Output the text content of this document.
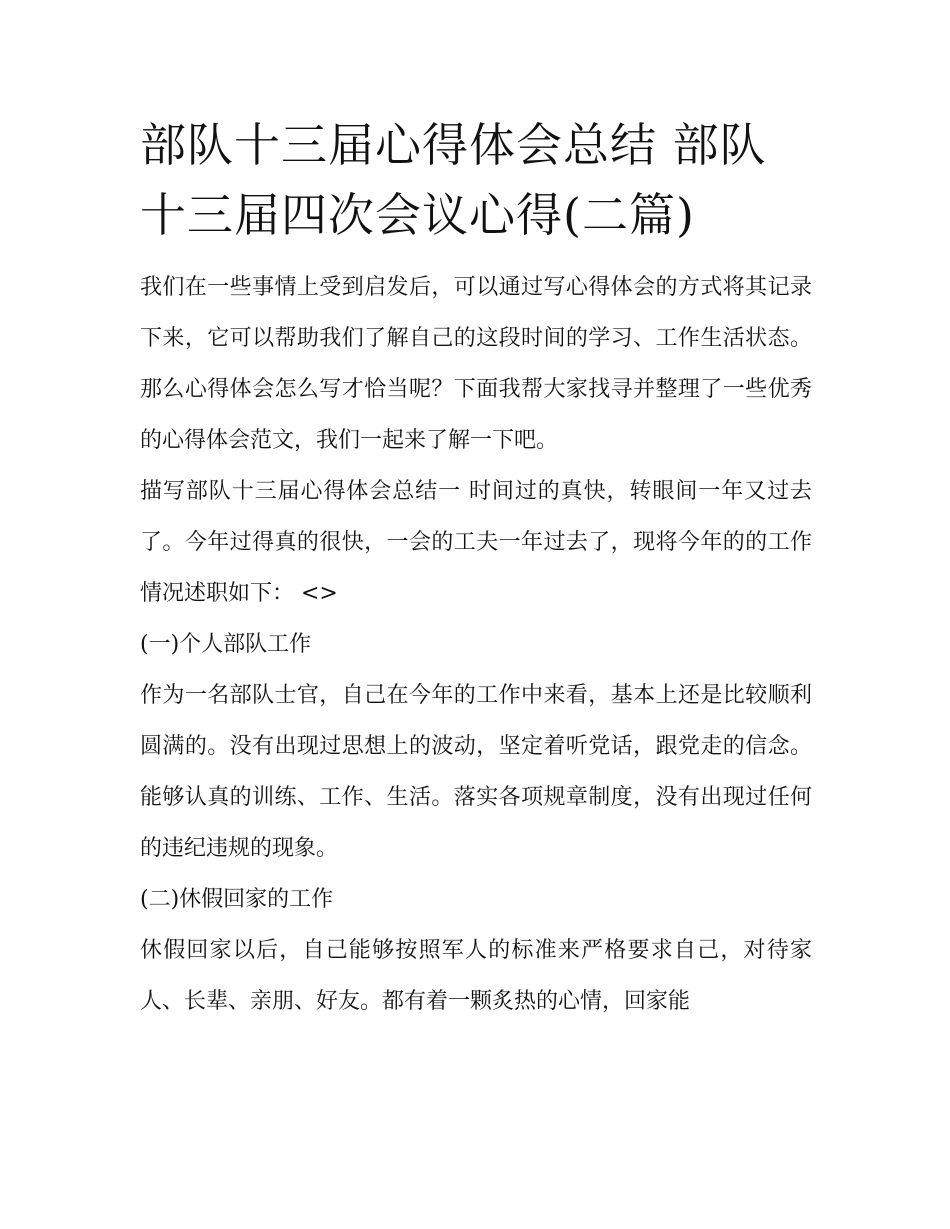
部队十三届心得体会总结 部队十三届四次会议心得(二篇)

我们在一些事情上受到启发后，可以通过写心得体会的方式将其记录下来，它可以帮助我们了解自己的这段时间的学习、工作生活状态。那么心得体会怎么写才恰当呢？下面我帮大家找寻并整理了一些优秀的心得体会范文，我们一起来了解一下吧。

描写部队十三届心得体会总结一 时间过的真快，转眼间一年又过去了。今年过得真的很快，一会的工夫一年过去了，现将今年的的工作情况述职如下： <>

(一)个人部队工作

作为一名部队士官，自己在今年的工作中来看，基本上还是比较顺利圆满的。没有出现过思想上的波动，坚定着听党话，跟党走的信念。能够认真的训练、工作、生活。落实各项规章制度，没有出现过任何的违纪违规的现象。

(二)休假回家的工作

休假回家以后，自己能够按照军人的标准来严格要求自己，对待家人、长辈、亲朋、好友。都有着一颗炙热的心情，回家能
